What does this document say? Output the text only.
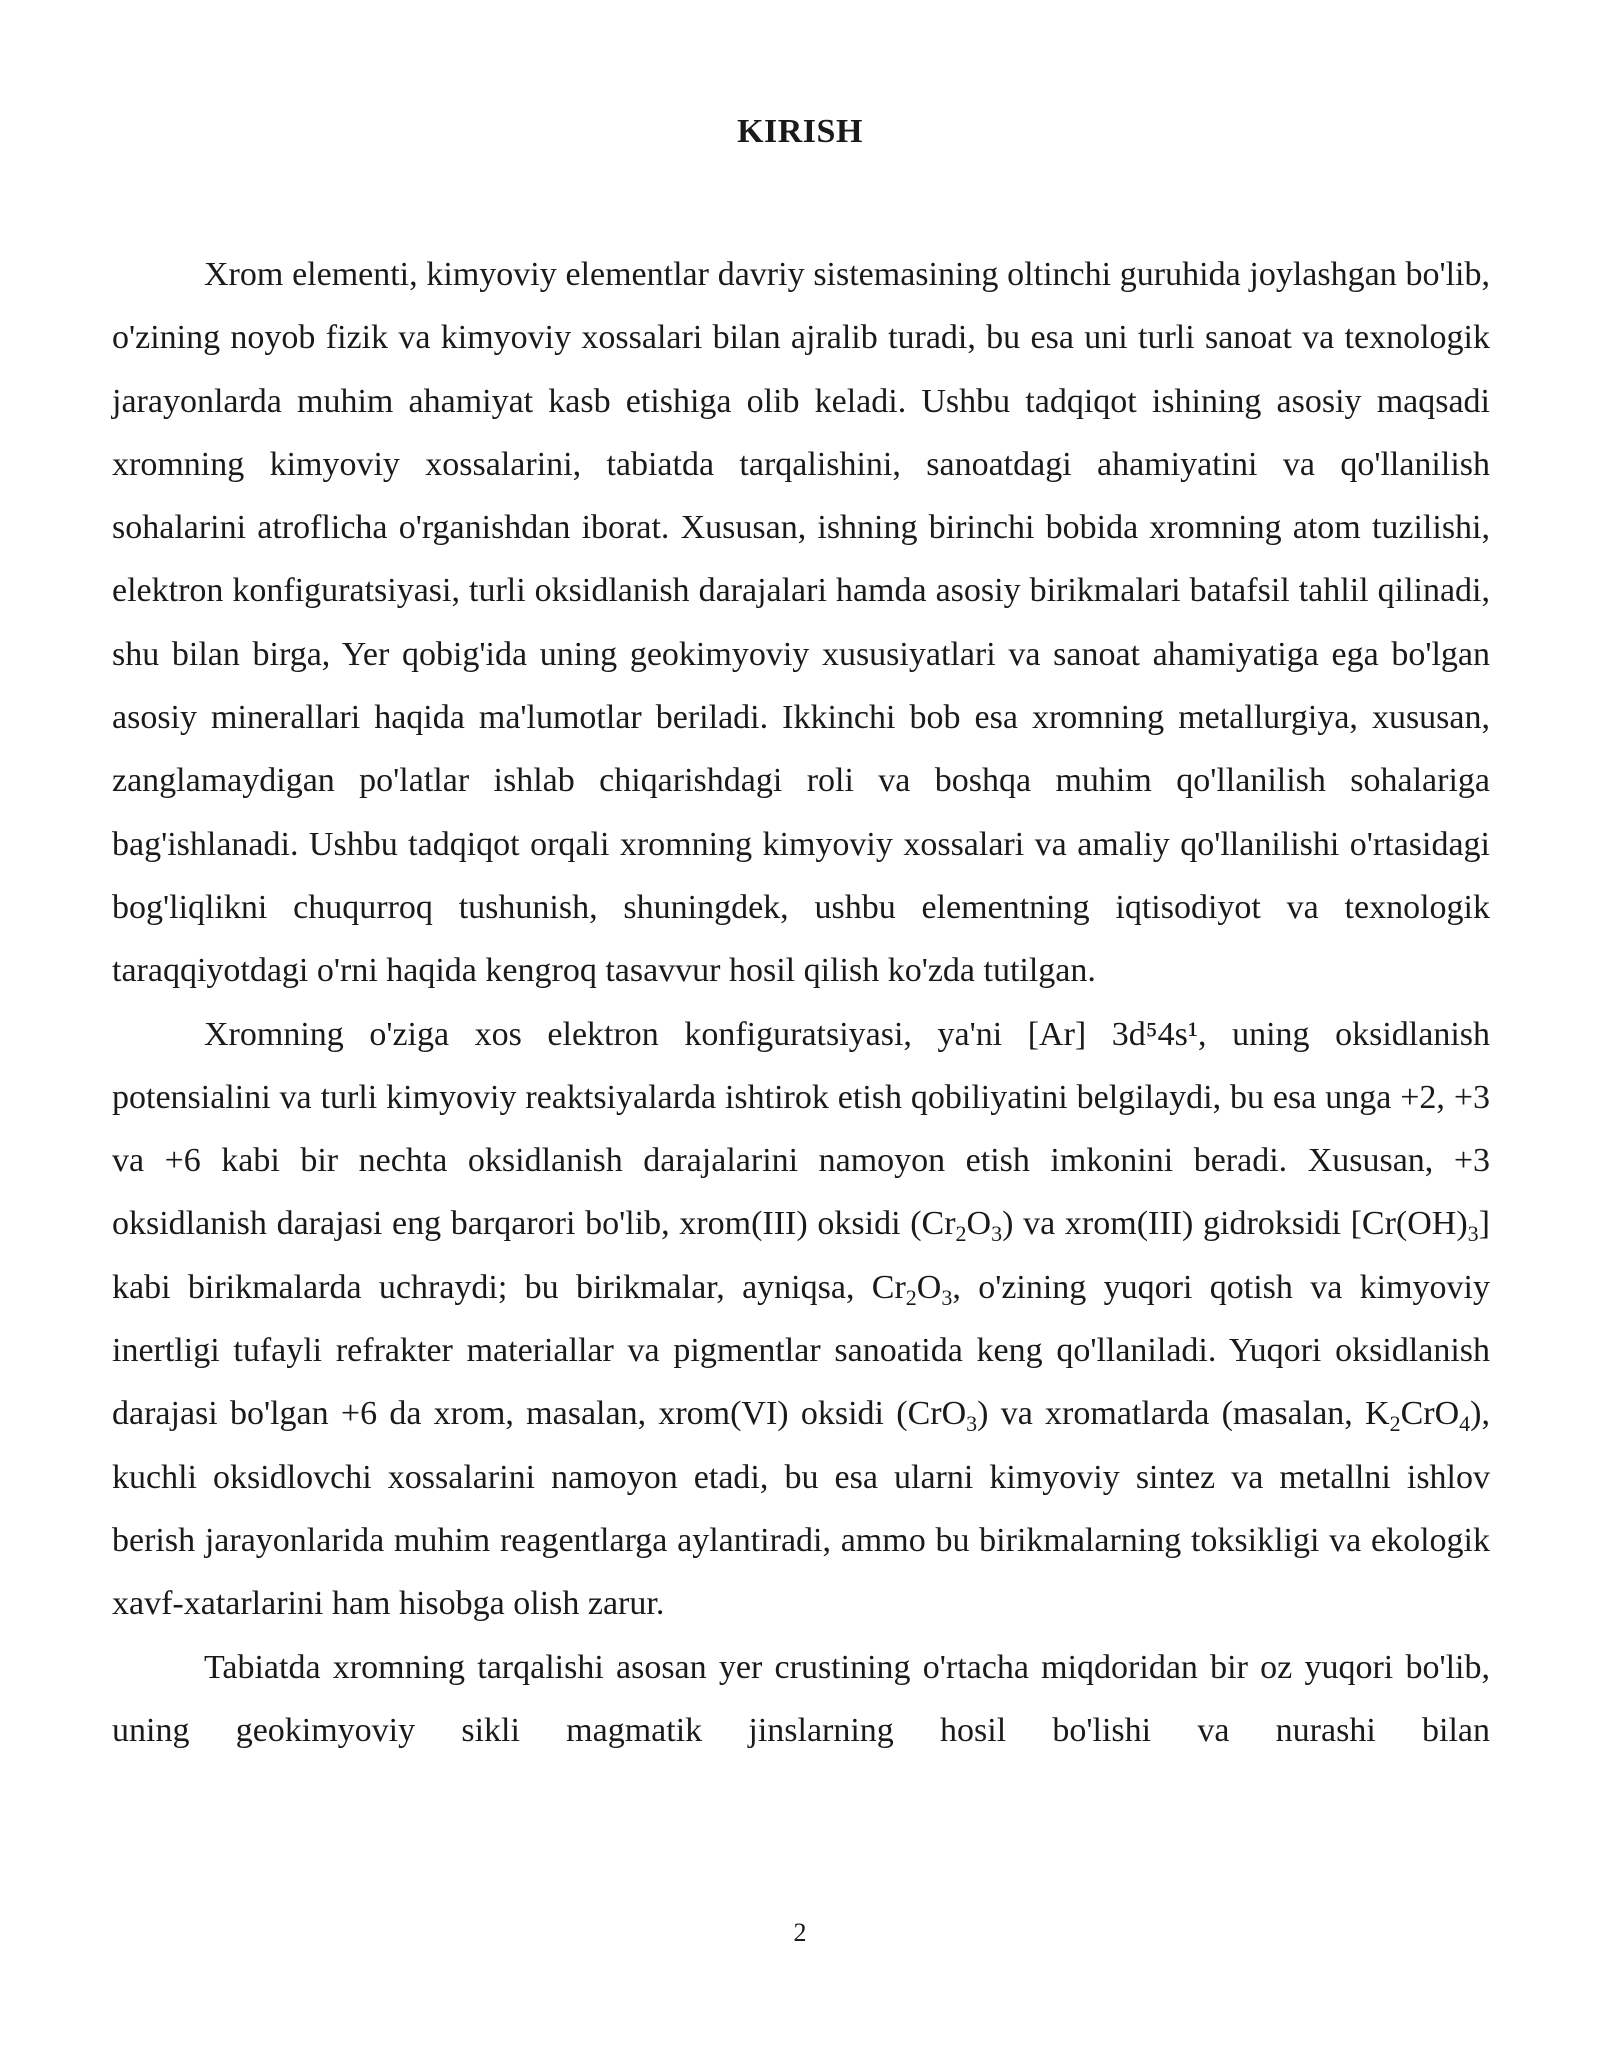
KIRISH

Xrom elementi, kimyoviy elementlar davriy sistemasining oltinchi guruhida joylashgan bo'lib, o'zining noyob fizik va kimyoviy xossalari bilan ajralib turadi, bu esa uni turli sanoat va texnologik jarayonlarda muhim ahamiyat kasb etishiga olib keladi. Ushbu tadqiqot ishining asosiy maqsadi xromning kimyoviy xossalarini, tabiatda tarqalishini, sanoatdagi ahamiyatini va qo'llanilish sohalarini atroflicha o'rganishdan iborat. Xususan, ishning birinchi bobida xromning atom tuzilishi, elektron konfiguratsiyasi, turli oksidlanish darajalari hamda asosiy birikmalari batafsil tahlil qilinadi, shu bilan birga, Yer qobig'ida uning geokimyoviy xususiyatlari va sanoat ahamiyatiga ega bo'lgan asosiy minerallari haqida ma'lumotlar beriladi. Ikkinchi bob esa xromning metallurgiya, xususan, zanglamaydigan po'latlar ishlab chiqarishdagi roli va boshqa muhim qo'llanilish sohalariga bag'ishlanadi. Ushbu tadqiqot orqali xromning kimyoviy xossalari va amaliy qo'llanilishi o'rtasidagi bog'liqlikni chuqurroq tushunish, shuningdek, ushbu elementning iqtisodiyot va texnologik taraqqiyotdagi o'rni haqida kengroq tasavvur hosil qilish ko'zda tutilgan.

Xromning o'ziga xos elektron konfiguratsiyasi, ya'ni [Ar] 3d⁵4s¹, uning oksidlanish potensialini va turli kimyoviy reaktsiyalarda ishtirok etish qobiliyatini belgilaydi, bu esa unga +2, +3 va +6 kabi bir nechta oksidlanish darajalarini namoyon etish imkonini beradi. Xususan, +3 oksidlanish darajasi eng barqarori bo'lib, xrom(III) oksidi $(Cr_2O_3)$ va xrom(III) gidroksidi $[Cr(OH)_3]$ kabi birikmalarda uchraydi; bu birikmalar, ayniqsa, $Cr_2O_3$, o'zining yuqori qotish va kimyoviy inertligi tufayli refrakter materiallar va pigmentlar sanoatida keng qo'llaniladi. Yuqori oksidlanish darajasi bo'lgan +6 da xrom, masalan, xrom(VI) oksidi (CrO$_3$) va xromatlarda (masalan, $K_2CrO_4$), kuchli oksidlovchi xossalarini namoyon etadi, bu esa ularni kimyoviy sintez va metallni ishlov berish jarayonlarida muhim reagentlarga aylantiradi, ammo bu birikmalarning toksikligi va ekologik xavf-xatarlarini ham hisobga olish zarur.

Tabiatda xromning tarqalishi asosan yer crustining o'rtacha miqdoridan bir oz yuqori bo'lib, uning geokimyoviy sikli magmatik jinslarning hosil bo'lishi va nurashi bilan

2
